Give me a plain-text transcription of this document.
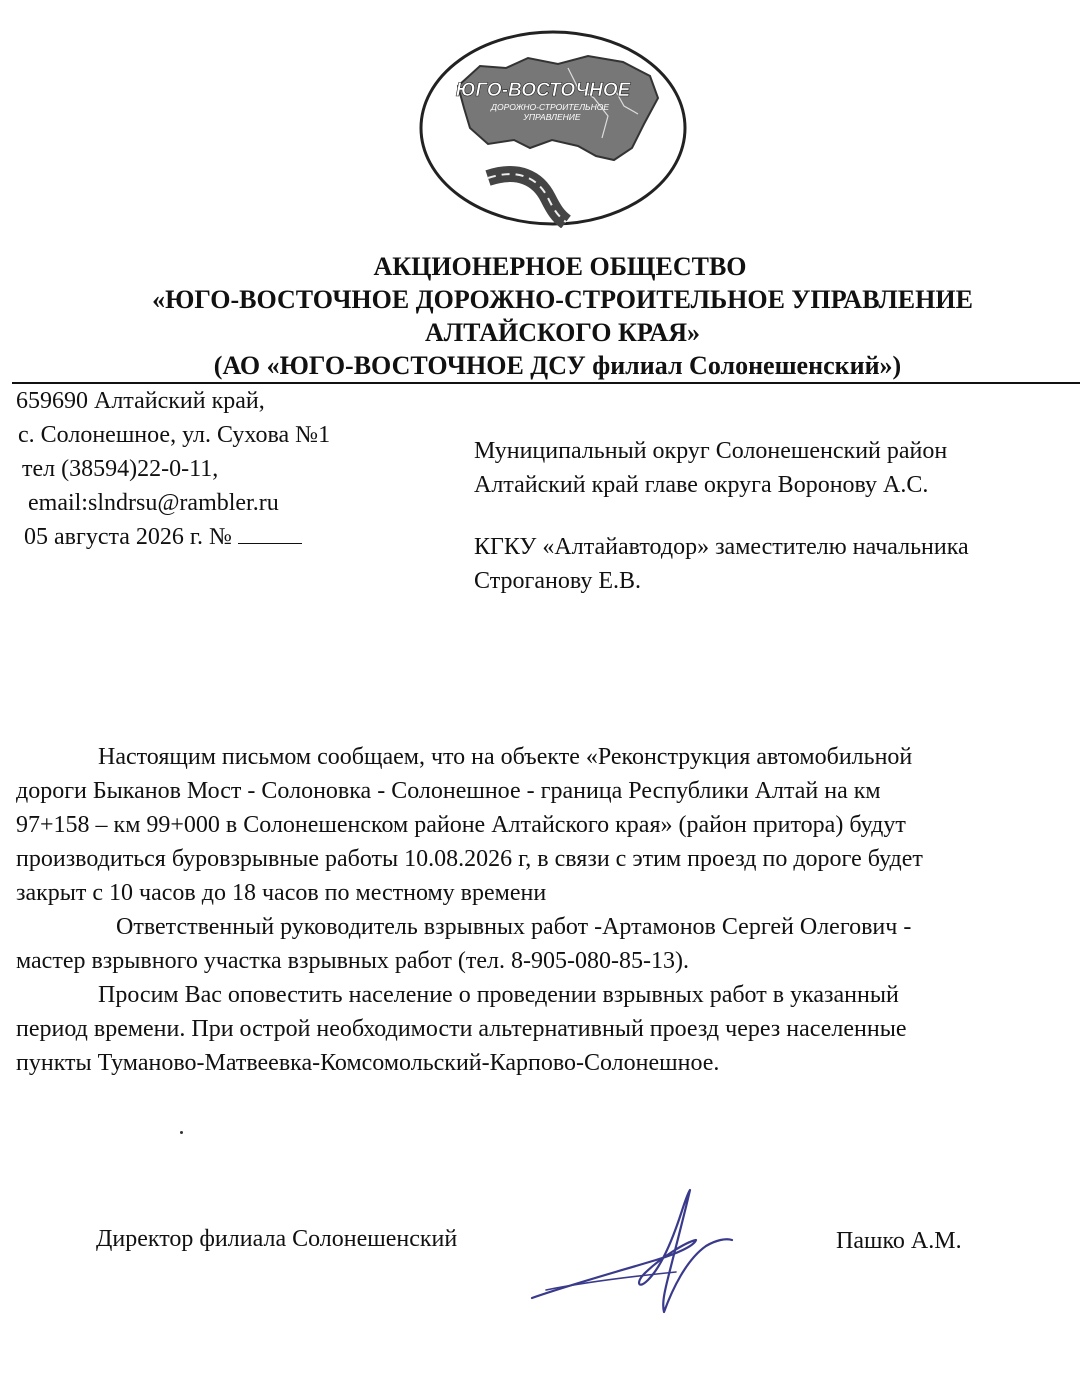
ЮГО-ВОСТОЧНОЕ
ДОРОЖНО-СТРОИТЕЛЬНОЕ
УПРАВЛЕНИЕ
АКЦИОНЕРНОЕ ОБЩЕСТВО
«ЮГО-ВОСТОЧНОЕ ДОРОЖНО-СТРОИТЕЛЬНОЕ УПРАВЛЕНИЕ
АЛТАЙСКОГО КРАЯ»
(АО «ЮГО-ВОСТОЧНОЕ ДСУ филиал Солонешенский»)
659690 Алтайский край,
с. Солонешное, ул. Сухова №1
тел (38594)22-0-11,
email:slndrsu@rambler.ru
05 августа 2026 г. №
Муниципальный округ Солонешенский район
Алтайский край главе округа Воронову А.С.
КГКУ «Алтайавтодор» заместителю начальника
Строганову Е.В.
Настоящим письмом сообщаем, что на объекте «Реконструкция автомобильной
дороги Быканов Мост - Солоновка - Солонешное - граница Республики Алтай на км
97+158 – км 99+000 в Солонешенском районе Алтайского края» (район притора) будут
производиться буровзрывные работы 10.08.2026 г, в связи с этим проезд по дороге будет
закрыт с 10 часов до 18 часов по местному времени
Ответственный руководитель взрывных работ -Артамонов Сергей Олегович -
мастер взрывного участка взрывных работ (тел. 8-905-080-85-13).
Просим Вас оповестить население о проведении взрывных работ в указанный
период времени. При острой необходимости альтернативный проезд через населенные
пункты Туманово-Матвеевка-Комсомольский-Карпово-Солонешное.
Директор филиала Солонешенский	Пашко А.М.
